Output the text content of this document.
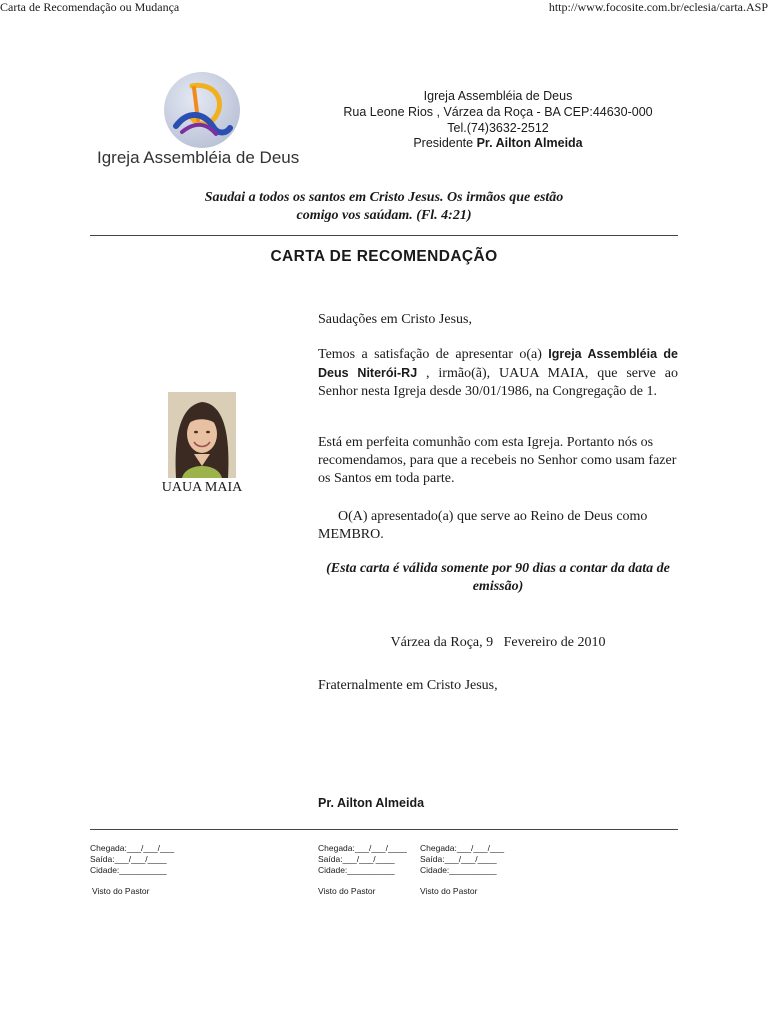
Carta de Recomendação ou Mudança	http://www.focosite.com.br/eclesia/carta.ASP
Igreja Assembléia de Deus
Igreja Assembléia de Deus
Rua Leone Rios , Várzea da Roça - BA CEP:44630-000
Tel.(74)3632-2512
Presidente Pr. Ailton Almeida
Saudai a todos os santos em Cristo Jesus. Os irmãos que estão
comigo vos saúdam. (Fl. 4:21)
CARTA DE RECOMENDAÇÃO
UAUA MAIA
Saudações em Cristo Jesus,
Temos a satisfação de apresentar o(a) Igreja Assembléia de Deus Niterói-RJ , irmão(ã), UAUA MAIA, que serve ao Senhor nesta Igreja desde 30/01/1986, na Congregação de 1.
Está em perfeita comunhão com esta Igreja. Portanto nós os recomendamos, para que a recebeis no Senhor como usam fazer os Santos em toda parte.
O(A) apresentado(a) que serve ao Reino de Deus como MEMBRO.
(Esta carta é válida somente por 90 dias a contar da data de emissão)
Várzea da Roça, 9   Fevereiro de 2010
Fraternalmente em Cristo Jesus,
Pr. Ailton Almeida
Chegada:___/___/___
Saída:___/___/____
Cidade:__________
Visto do Pastor
Chegada:___/___/____
Saída:___/___/____
Cidade:__________
Visto do Pastor
Chegada:___/___/___
Saída:___/___/____
Cidade:__________
Visto do Pastor
